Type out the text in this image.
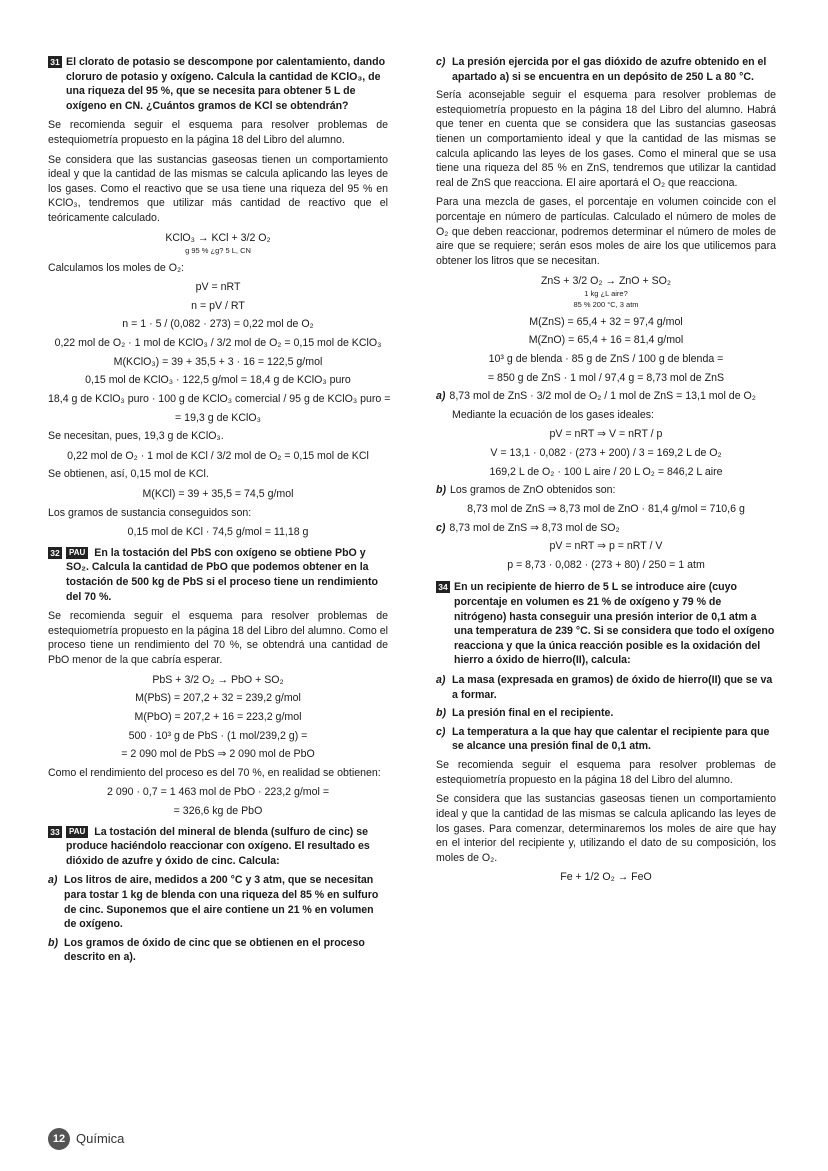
31 El clorato de potasio se descompone por calentamiento, dando cloruro de potasio y oxígeno. Calcula la cantidad de KClO₃, de una riqueza del 95 %, que se necesita para obtener 5 L de oxígeno en CN. ¿Cuántos gramos de KCl se obtendrán?
Se recomienda seguir el esquema para resolver problemas de estequiometría propuesto en la página 18 del Libro del alumno.
Se considera que las sustancias gaseosas tienen un comportamiento ideal y que la cantidad de las mismas se calcula aplicando las leyes de los gases. Como el reactivo que se usa tiene una riqueza del 95 % en KClO₃, tendremos que utilizar más cantidad de reactivo que el teóricamente calculado.
KClO₃ → KCl + 3/2 O₂
g 95 % ¿g? 5 L, CN
Calculamos los moles de O₂:
pV = nRT
n = pV / RT
n = 1 · 5 / (0,082 · 273) = 0,22 mol de O₂
0,22 mol de O₂ · 1 mol de KClO₃ / 3/2 mol de O₂ = 0,15 mol de KClO₃
M(KClO₃) = 39 + 35,5 + 3 · 16 = 122,5 g/mol
0,15 mol de KClO₃ · 122,5 g/mol = 18,4 g de KClO₃ puro
18,4 g de KClO₃ puro · 100 g de KClO₃ comercial / 95 g de KClO₃ puro =
= 19,3 g de KClO₃
Se necesitan, pues, 19,3 g de KClO₃.
0,22 mol de O₂ · 1 mol de KCl / 3/2 mol de O₂ = 0,15 mol de KCl
Se obtienen, así, 0,15 mol de KCl.
M(KCl) = 39 + 35,5 = 74,5 g/mol
Los gramos de sustancia conseguidos son:
0,15 mol de KCl · 74,5 g/mol = 11,18 g
32 PAU En la tostación del PbS con oxígeno se obtiene PbO y SO₂. Calcula la cantidad de PbO que podemos obtener en la tostación de 500 kg de PbS si el proceso tiene un rendimiento del 70 %.
Se recomienda seguir el esquema para resolver problemas de estequiometría propuesto en la página 18 del Libro del alumno. Como el proceso tiene un rendimiento del 70 %, se obtendrá una cantidad de PbO menor de la que cabría esperar.
PbS + 3/2 O₂ → PbO + SO₂
M(PbS) = 207,2 + 32 = 239,2 g/mol
M(PbO) = 207,2 + 16 = 223,2 g/mol
500 · 10³ g de PbS · (1 mol/239,2 g) =
= 2 090 mol de PbS ⇒ 2 090 mol de PbO
Como el rendimiento del proceso es del 70 %, en realidad se obtienen:
2 090 · 0,7 = 1 463 mol de PbO · 223,2 g/mol =
= 326,6 kg de PbO
33 PAU La tostación del mineral de blenda (sulfuro de cinc) se produce haciéndolo reaccionar con oxígeno. El resultado es dióxido de azufre y óxido de cinc. Calcula:
a) Los litros de aire, medidos a 200 °C y 3 atm, que se necesitan para tostar 1 kg de blenda con una riqueza del 85 % en sulfuro de cinc. Suponemos que el aire contiene un 21 % en volumen de oxígeno.
b) Los gramos de óxido de cinc que se obtienen en el proceso descrito en a).
c) La presión ejercida por el gas dióxido de azufre obtenido en el apartado a) si se encuentra en un depósito de 250 L a 80 °C.
Sería aconsejable seguir el esquema para resolver problemas de estequiometría propuesto en la página 18 del Libro del alumno. Habrá que tener en cuenta que se considera que las sustancias gaseosas tienen un comportamiento ideal y que la cantidad de las mismas se calcula aplicando las leyes de los gases. Como el mineral que se usa tiene una riqueza del 85 % en ZnS, tendremos que utilizar la cantidad real de ZnS que reacciona. El aire aportará el O₂ que reacciona.
Para una mezcla de gases, el porcentaje en volumen coincide con el porcentaje en número de partículas. Calculado el número de moles de O₂ que deben reaccionar, podremos determinar el número de moles de aire que se requiere; serán esos moles de aire los que utilicemos para obtener los litros que se necesitan.
ZnS + 3/2 O₂ → ZnO + SO₂
1 kg ¿L aire?
85 % 200 °C, 3 atm
M(ZnS) = 65,4 + 32 = 97,4 g/mol
M(ZnO) = 65,4 + 16 = 81,4 g/mol
10³ g de blenda · 85 g de ZnS / 100 g de blenda =
= 850 g de ZnS · 1 mol / 97,4 g = 8,73 mol de ZnS
a) 8,73 mol de ZnS · 3/2 mol de O₂ / 1 mol de ZnS = 13,1 mol de O₂
Mediante la ecuación de los gases ideales:
pV = nRT ⇒ V = nRT / p
V = 13,1 · 0,082 · (273 + 200) / 3 = 169,2 L de O₂
169,2 L de O₂ · 100 L aire / 20 L O₂ = 846,2 L aire
b) Los gramos de ZnO obtenidos son:
8,73 mol de ZnS ⇒ 8,73 mol de ZnO · 81,4 g/mol = 710,6 g
c) 8,73 mol de ZnS ⇒ 8,73 mol de SO₂
pV = nRT ⇒ p = nRT / V
p = 8,73 · 0,082 · (273 + 80) / 250 = 1 atm
34 En un recipiente de hierro de 5 L se introduce aire (cuyo porcentaje en volumen es 21 % de oxígeno y 79 % de nitrógeno) hasta conseguir una presión interior de 0,1 atm a una temperatura de 239 °C. Si se considera que todo el oxígeno reacciona y que la única reacción posible es la oxidación del hierro a óxido de hierro(II), calcula:
a) La masa (expresada en gramos) de óxido de hierro(II) que se va a formar.
b) La presión final en el recipiente.
c) La temperatura a la que hay que calentar el recipiente para que se alcance una presión final de 0,1 atm.
Se recomienda seguir el esquema para resolver problemas de estequiometría propuesto en la página 18 del Libro del alumno.
Se considera que las sustancias gaseosas tienen un comportamiento ideal y que la cantidad de las mismas se calcula aplicando las leyes de los gases. Para comenzar, determinaremos los moles de aire que hay en el interior del recipiente y, utilizando el dato de su composición, los moles de O₂.
Fe + 1/2 O₂ → FeO
12 Química
